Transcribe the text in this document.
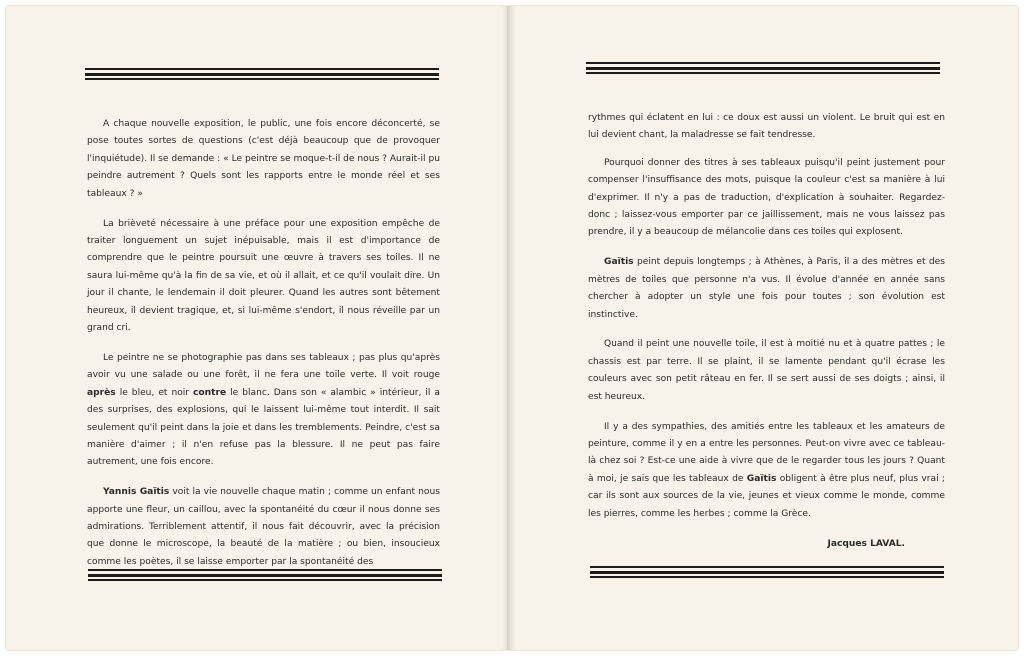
A chaque nouvelle exposition, le public, une fois encore déconcerté, se pose toutes sortes de questions (c'est déjà beaucoup que de provoquer l'inquiétude). Il se demande : « Le peintre se moque-t-il de nous ? Aurait-il pu peindre autrement ? Quels sont les rapports entre le monde réel et ses tableaux ? »

La brièveté nécessaire à une préface pour une exposition empêche de traiter longuement un sujet inépuisable, mais il est d'importance de comprendre que le peintre poursuit une œuvre à travers ses toiles. Il ne saura lui-même qu'à la fin de sa vie, et où il allait, et ce qu'il voulait dire. Un jour il chante, le lendemain il doit pleurer. Quand les autres sont bêtement heureux, il devient tragique, et, si lui-même s'endort, il nous réveille par un grand cri.

Le peintre ne se photographie pas dans ses tableaux ; pas plus qu'après avoir vu une salade ou une forêt, il ne fera une toile verte. Il voit rouge après le bleu, et noir contre le blanc. Dans son « alambic » intérieur, il a des surprises, des explosions, qui le laissent lui-même tout interdit. Il sait seulement qu'il peint dans la joie et dans les tremblements. Peindre, c'est sa manière d'aimer ; il n'en refuse pas la blessure. Il ne peut pas faire autrement, une fois encore.

Yannis Gaïtis voit la vie nouvelle chaque matin ; comme un enfant nous apporte une fleur, un caillou, avec la spontanéité du cœur il nous donne ses admirations. Terriblement attentif, il nous fait découvrir, avec la précision que donne le microscope, la beauté de la matière ; ou bien, insoucieux comme les poètes, il se laisse emporter par la spontanéité des

rythmes qui éclatent en lui : ce doux est aussi un violent. Le bruit qui est en lui devient chant, la maladresse se fait tendresse.

Pourquoi donner des titres à ses tableaux puisqu'il peint justement pour compenser l'insuffisance des mots, puisque la couleur c'est sa manière à lui d'exprimer. Il n'y a pas de traduction, d'explication à souhaiter. Regardez-donc ; laissez-vous emporter par ce jaillissement, mais ne vous laissez pas prendre, il y a beaucoup de mélancolie dans ces toiles qui explosent.

Gaïtis peint depuis longtemps ; à Athènes, à Paris, il a des mètres et des mètres de toiles que personne n'a vus. Il évolue d'année en année sans chercher à adopter un style une fois pour toutes ; son évolution est instinctive.

Quand il peint une nouvelle toile, il est à moitié nu et à quatre pattes ; le chassis est par terre. Il se plaint, il se lamente pendant qu'il écrase les couleurs avec son petit râteau en fer. Il se sert aussi de ses doigts ; ainsi, il est heureux.

Il y a des sympathies, des amitiés entre les tableaux et les amateurs de peinture, comme il y en a entre les personnes. Peut-on vivre avec ce tableau-là chez soi ? Est-ce une aide à vivre que de le regarder tous les jours ? Quant à moi, je sais que les tableaux de Gaïtis obligent à être plus neuf, plus vrai ; car ils sont aux sources de la vie, jeunes et vieux comme le monde, comme les pierres, comme les herbes ; comme la Grèce.

Jacques LAVAL.
